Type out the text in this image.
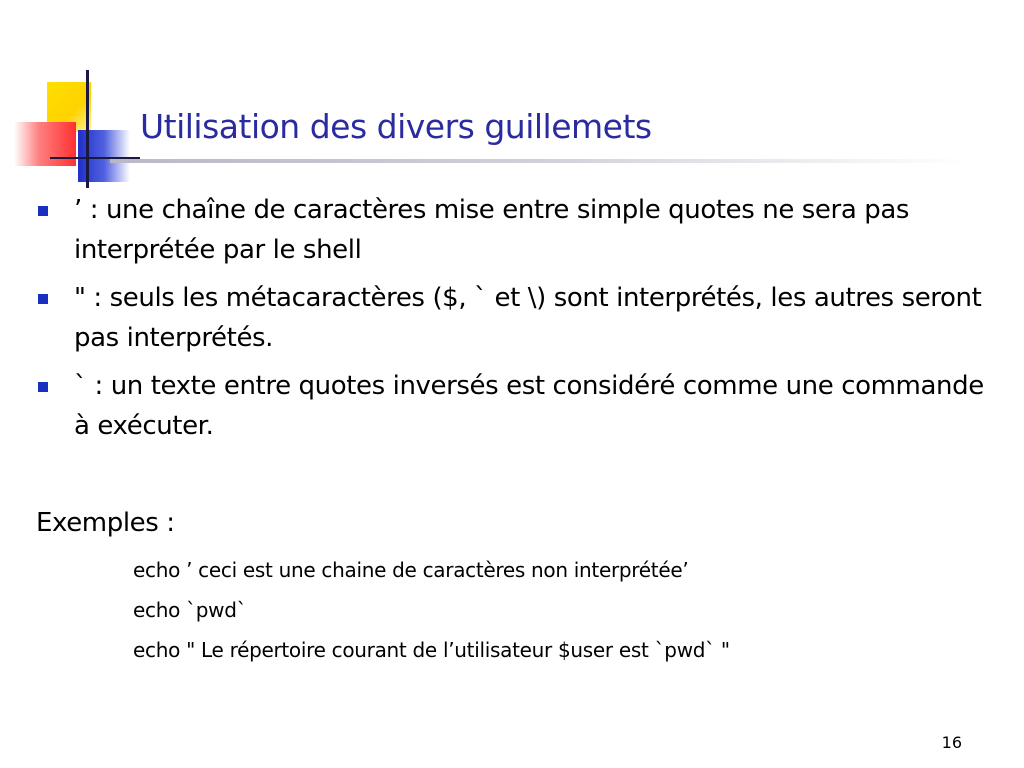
Utilisation des divers guillemets
’ : une chaîne de caractères mise entre simple quotes ne sera pas interprétée par le shell
" : seuls les métacaractères ($, ` et \) sont interprétés, les autres seront pas interprétés.
` : un texte entre quotes inversés est considéré comme une commande à exécuter.
Exemples :
echo ’ ceci est une chaine de caractères non interprétée’
echo `pwd`
echo " Le répertoire courant de l’utilisateur $user est `pwd` "
16
